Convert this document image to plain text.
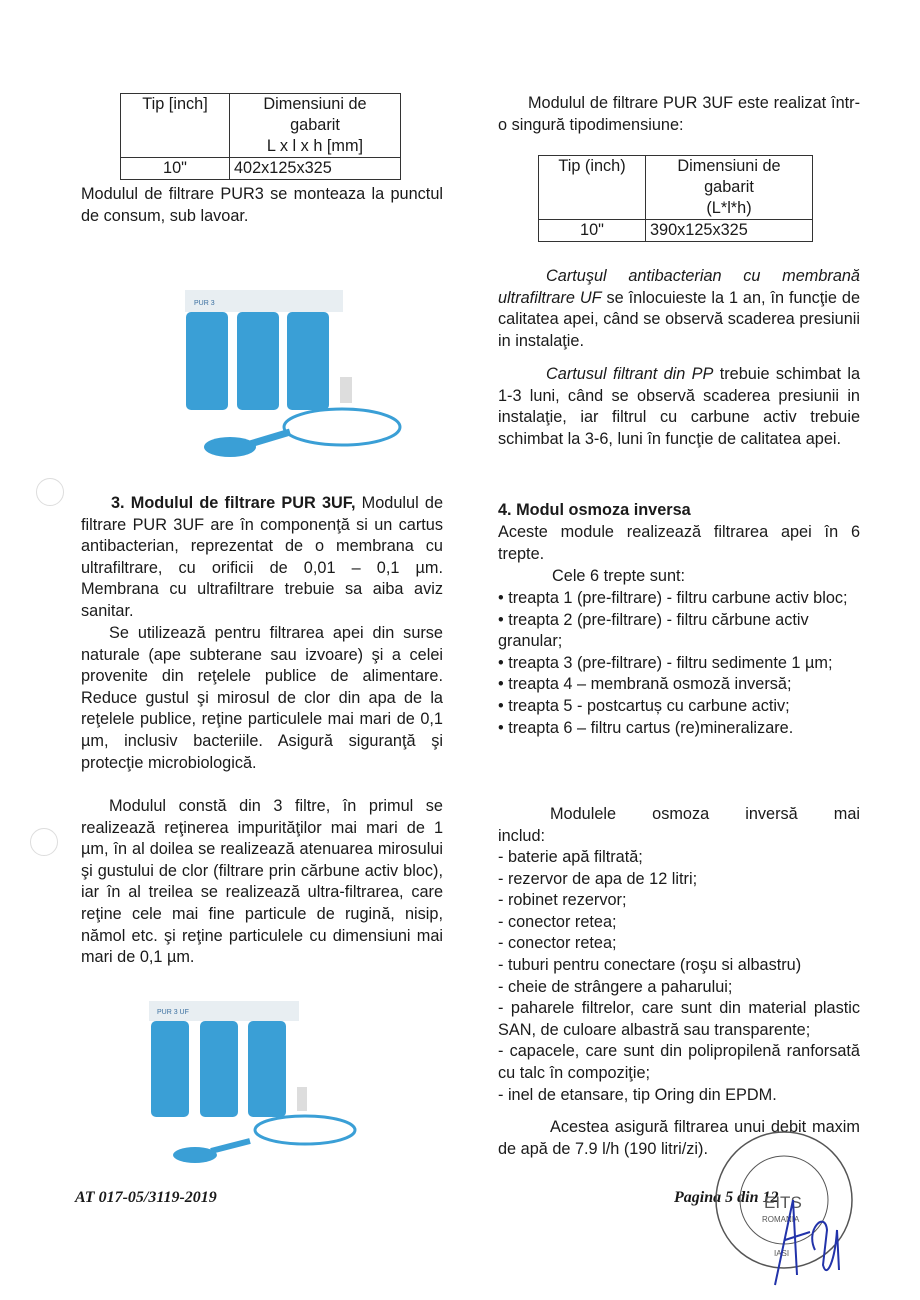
Tip [inch]	Dimensiuni de
gabarit
L x l x h [mm]

10"	402x125x325

Modulul de filtrare PUR3 se monteaza la punctul de consum, sub lavoar.

PUR 3

3. Modulul de filtrare PUR 3UF, Modulul de filtrare PUR 3UF are în componenţă si un cartus antibacterian, reprezentat de o membrana cu ultrafiltrare, cu orificii de 0,01 – 0,1 µm. Membrana cu ultrafiltrare trebuie sa aiba aviz sanitar.

Se utilizează pentru filtrarea apei din surse naturale (ape subterane sau izvoare) şi a celei provenite din reţelele publice de alimentare. Reduce gustul şi mirosul de clor din apa de la reţelele publice, reţine particulele mai mari de 0,1 µm, inclusiv bacteriile. Asigură siguranţă şi protecţie microbiologică.

Modulul constă din 3 filtre, în primul se realizează reţinerea impurităţilor mai mari de 1 µm, în al doilea se realizează atenuarea mirosului şi gustului de clor (filtrare prin cărbune activ bloc), iar în al treilea se realizează ultra-filtrarea, care reţine cele mai fine particule de rugină, nisip, nămol etc. şi reţine particulele cu dimensiuni mai mari de 0,1 µm.

PUR 3 UF

Modulul de filtrare PUR 3UF este realizat într-o singură tipodimensiune:

Tip (inch)	Dimensiuni de
gabarit
(L*l*h)

10"	390x125x325

Cartuşul antibacterian cu membrană ultrafiltrare UF se înlocuieste la 1 an, în funcţie de calitatea apei, când se observă scaderea presiunii in instalaţie.

Cartusul filtrant din PP trebuie schimbat la 1-3 luni, când se observă scaderea presiunii in instalaţie, iar filtrul cu carbune activ trebuie schimbat la 3-6, luni în funcţie de calitatea apei.

4. Modul osmoza inversa

Aceste module realizează filtrarea apei în 6 trepte.

Cele 6 trepte sunt:

• treapta 1 (pre-filtrare) - filtru carbune activ bloc;

• treapta 2 (pre-filtrare) - filtru cărbune activ granular;

• treapta 3 (pre-filtrare) - filtru sedimente 1 µm;

• treapta 4 – membrană osmoză inversă;

• treapta 5 - postcartuș cu carbune activ;

• treapta 6 – filtru cartus (re)mineralizare.

Modulele osmoza inversă mai includ:

- baterie apă filtrată;

- rezervor de apa de 12 litri;

- robinet rezervor;

- conector retea;

- conector retea;

- tuburi pentru conectare (roşu si albastru)

- cheie de strângere a paharului;

- paharele filtrelor, care sunt din material plastic SAN, de culoare albastră sau transparente;

- capacele, care sunt din polipropilenă ranforsată cu talc în compoziţie;

- inel de etansare, tip Oring din EPDM.

Acestea asigură filtrarea unui debit maxim de apă de 7.9 l/h (190 litri/zi).

AT 017-05/3119-2019	Pagina 5 din 12
EITS
ROMANIA
IASI
